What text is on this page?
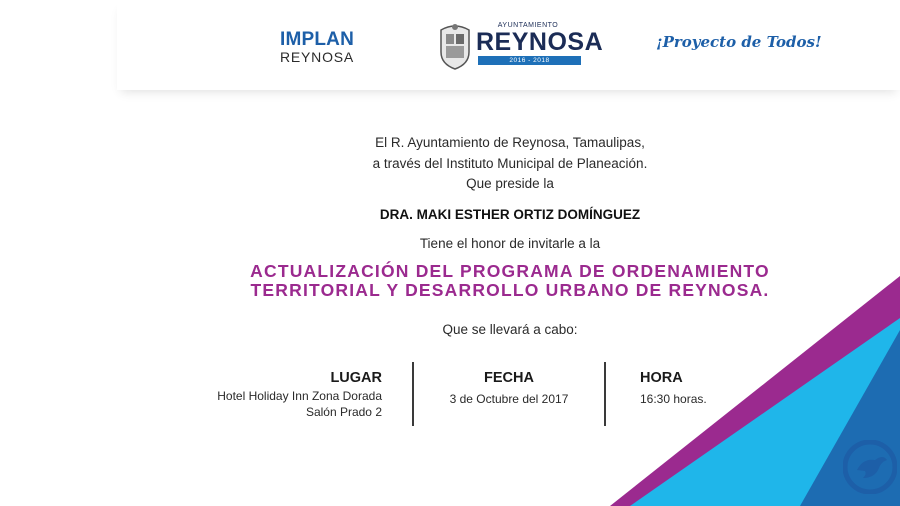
IMPLAN
REYNOSA
AYUNTAMIENTO
REYNOSA
2016 - 2018
¡Proyecto de Todos!
El R. Ayuntamiento de Reynosa, Tamaulipas,
a través del Instituto Municipal de Planeación.
Que preside la
DRA. MAKI ESTHER ORTIZ DOMÍNGUEZ
Tiene el honor de invitarle a la
ACTUALIZACIÓN DEL PROGRAMA DE ORDENAMIENTO
TERRITORIAL Y DESARROLLO URBANO DE REYNOSA.
Que se llevará a cabo:
LUGAR
Hotel Holiday Inn Zona Dorada
Salón Prado 2
FECHA
3 de Octubre del 2017
HORA
16:30 horas.
